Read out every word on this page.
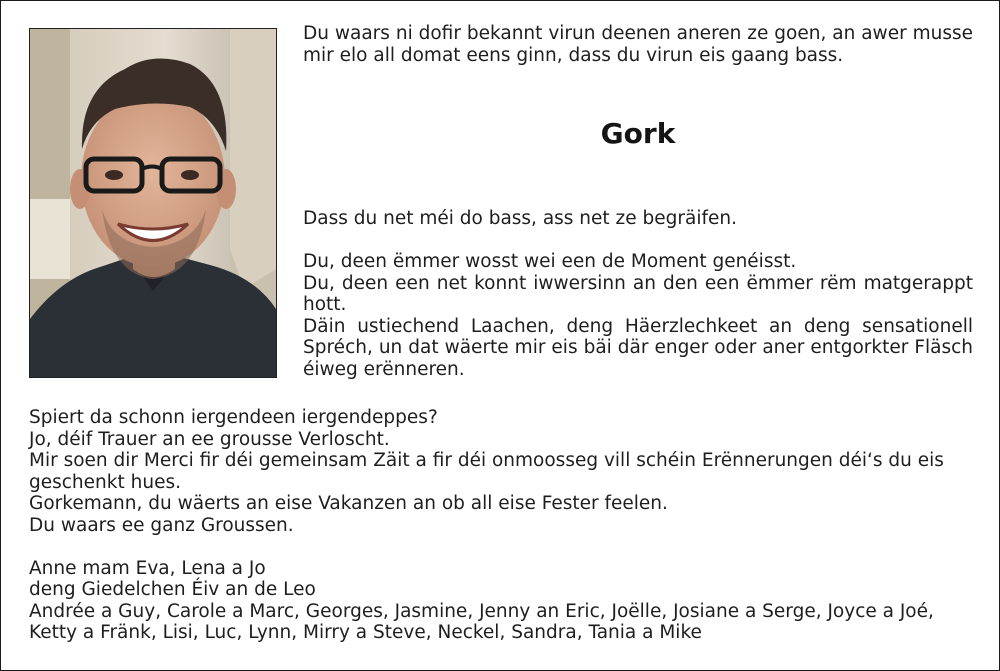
Du waars ni dofir bekannt virun deenen aneren ze goen, an awer musse mir elo all domat eens ginn, dass du virun eis gaang bass.
Gork

Dass du net méi do bass, ass net ze begräifen.

Du, deen ëmmer wosst wei een de Moment genéisst.
Du, deen een net konnt iwwersinn an den een ëmmer rëm matgerappt hott.
Däin ustiechend Laachen, deng Häerzlechkeet an deng sensationell Spréch, un dat wäerte mir eis bäi där enger oder aner entgorkter Fläsch éiweg erënneren.

Spiert da schonn iergendeen iergendeppes?
Jo, déif Trauer an ee grousse Verloscht.
Mir soen dir Merci fir déi gemeinsam Zäit a fir déi onmoosseg vill schéin Erënnerungen déi‘s du eis geschenkt hues.
Gorkemann, du wäerts an eise Vakanzen an ob all eise Fester feelen.
Du waars ee ganz Groussen.

Anne mam Eva, Lena a Jo
deng Giedelchen Éiv an de Leo
Andrée a Guy, Carole a Marc, Georges, Jasmine, Jenny an Eric, Joëlle, Josiane a Serge, Joyce a Joé,
Ketty a Fränk, Lisi, Luc, Lynn, Mirry a Steve, Neckel, Sandra, Tania a Mike
